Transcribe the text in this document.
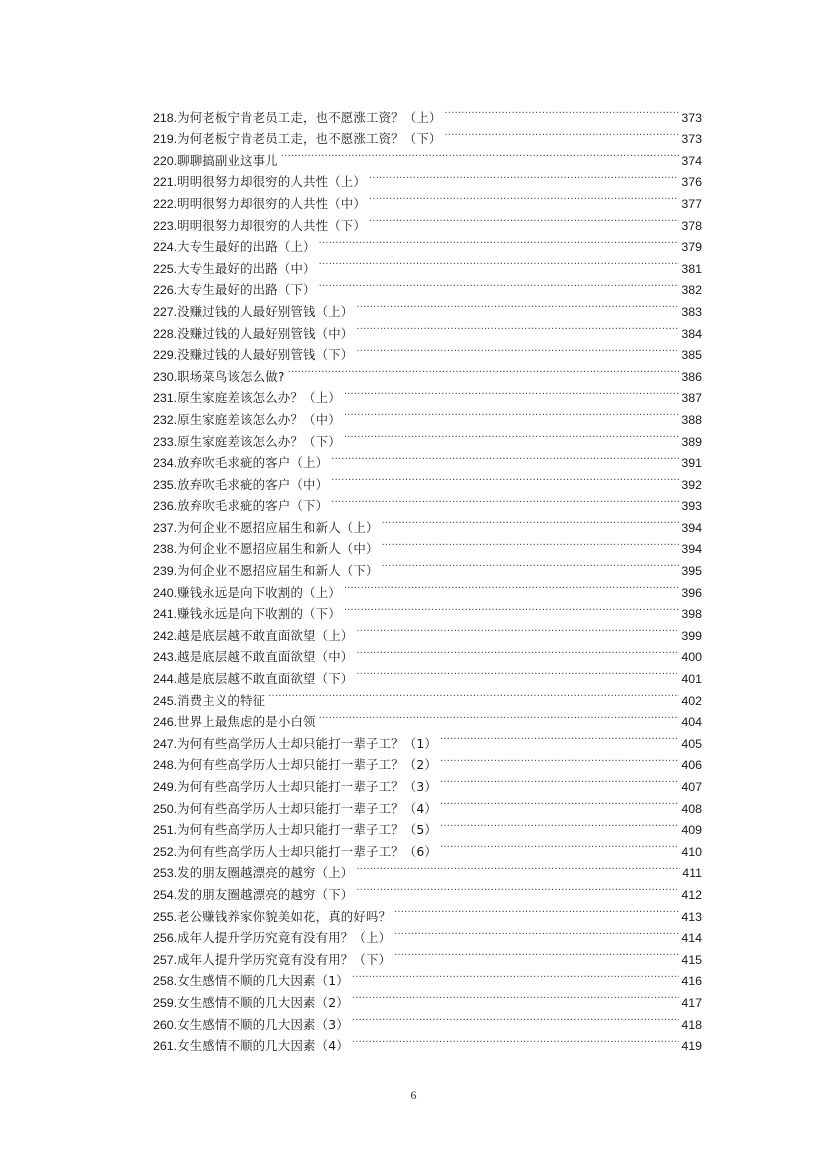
218. 为何老板宁肯老员工走，也不愿涨工资？（上） .....	373
219. 为何老板宁肯老员工走，也不愿涨工资？（下） .....	373
220. 聊聊搞副业这事儿 .....	374
221. 明明很努力却很穷的人共性（上） .....	376
222. 明明很努力却很穷的人共性（中） .....	377
223. 明明很努力却很穷的人共性（下） .....	378
224. 大专生最好的出路（上） .....	379
225. 大专生最好的出路（中） .....	381
226. 大专生最好的出路（下） .....	382
227. 没赚过钱的人最好别管钱（上） .....	383
228. 没赚过钱的人最好别管钱（中） .....	384
229. 没赚过钱的人最好别管钱（下） .....	385
230. 职场菜鸟该怎么做? .....	386
231. 原生家庭差该怎么办？（上） .....	387
232. 原生家庭差该怎么办？（中） .....	388
233. 原生家庭差该怎么办？（下） .....	389
234. 放弃吹毛求疵的客户（上） .....	391
235. 放弃吹毛求疵的客户（中） .....	392
236. 放弃吹毛求疵的客户（下） .....	393
237. 为何企业不愿招应届生和新人（上） .....	394
238. 为何企业不愿招应届生和新人（中） .....	394
239. 为何企业不愿招应届生和新人（下） .....	395
240. 赚钱永远是向下收割的（上） .....	396
241. 赚钱永远是向下收割的（下） .....	398
242. 越是底层越不敢直面欲望（上） .....	399
243. 越是底层越不敢直面欲望（中） .....	400
244. 越是底层越不敢直面欲望（下） .....	401
245. 消费主义的特征 .....	402
246. 世界上最焦虑的是小白领 .....	404
247. 为何有些高学历人士却只能打一辈子工？（1） .....	405
248. 为何有些高学历人士却只能打一辈子工？（2） .....	406
249. 为何有些高学历人士却只能打一辈子工？（3） .....	407
250. 为何有些高学历人士却只能打一辈子工？（4） .....	408
251. 为何有些高学历人士却只能打一辈子工？（5） .....	409
252. 为何有些高学历人士却只能打一辈子工？（6） .....	410
253. 发的朋友圈越漂亮的越穷（上） .....	411
254. 发的朋友圈越漂亮的越穷（下） .....	412
255. 老公赚钱养家你貌美如花，真的好吗？ .....	413
256. 成年人提升学历究竟有没有用？（上） .....	414
257. 成年人提升学历究竟有没有用？（下） .....	415
258. 女生感情不顺的几大因素（1） .....	416
259. 女生感情不顺的几大因素（2） .....	417
260. 女生感情不顺的几大因素（3） .....	418
261. 女生感情不顺的几大因素（4） .....	419
6
